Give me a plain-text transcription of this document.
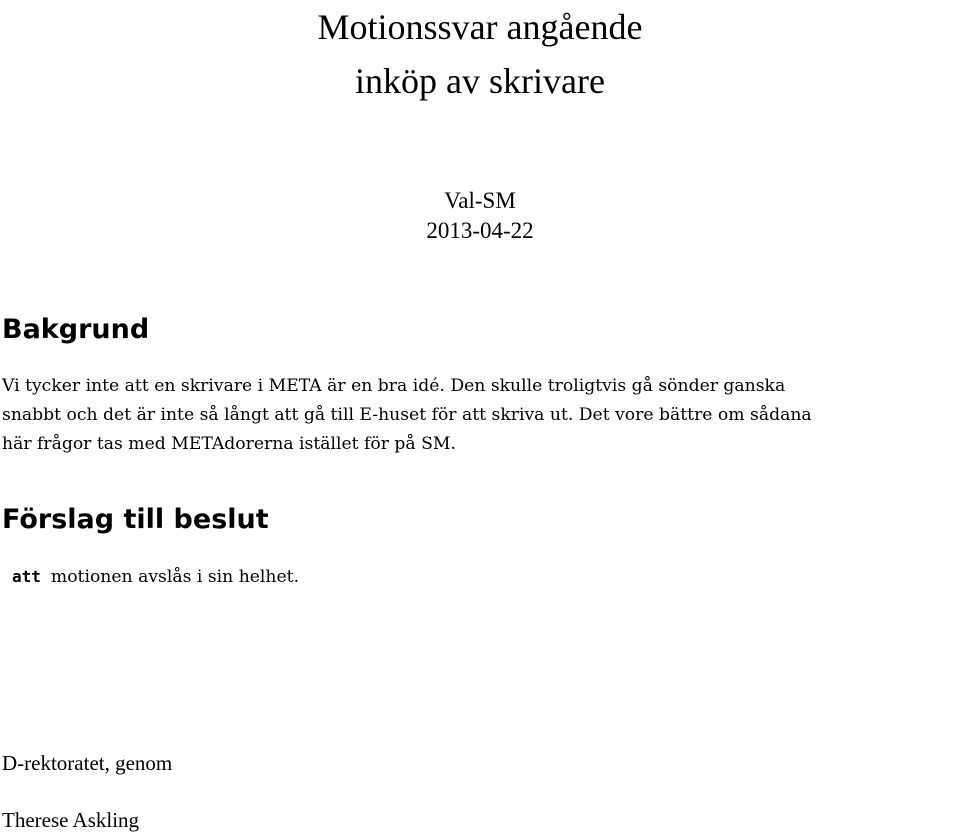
Motionssvar angående

inköp av skrivare

Val-SM

2013-04-22

Bakgrund

Vi tycker inte att en skrivare i META är en bra idé. Den skulle troligtvis gå sönder ganska
snabbt och det är inte så långt att gå till E-huset för att skriva ut. Det vore bättre om sådana
här frågor tas med METAdorerna istället för på SM.

Förslag till beslut

att motionen avslås i sin helhet.

D-rektoratet, genom

Therese Askling
